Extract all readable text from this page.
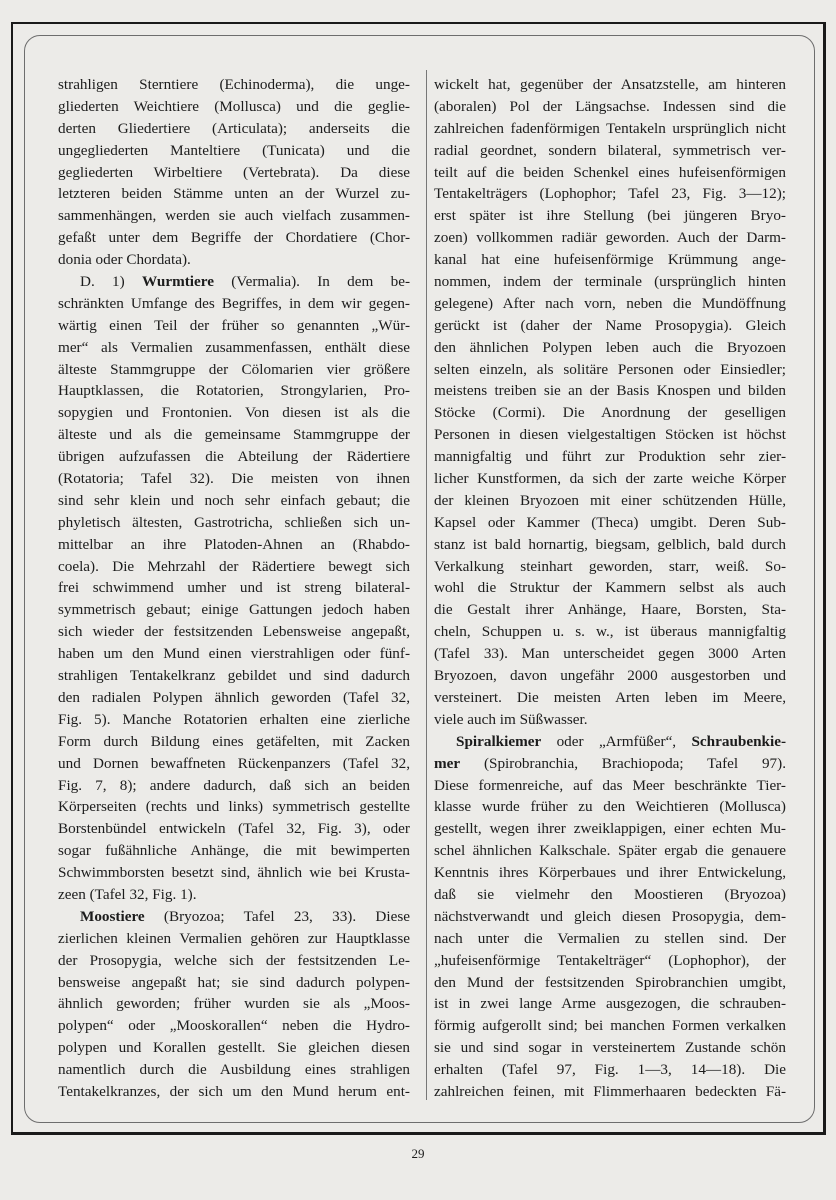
strahligen Sterntiere (Echinoderma), die unge-
gliederten Weichtiere (Mollusca) und die geglie-
derten Gliedertiere (Articulata); anderseits die
ungegliederten Manteltiere (Tunicata) und die
gegliederten Wirbeltiere (Vertebrata). Da diese
letzteren beiden Stämme unten an der Wurzel zu-
sammenhängen, werden sie auch vielfach zusammen-
gefaßt unter dem Begriffe der Chordatiere (Chor-
donia oder Chordata).
D. 1) Wurmtiere (Vermalia). In dem be-
schränkten Umfange des Begriffes, in dem wir gegen-
wärtig einen Teil der früher so genannten „Wür-
mer“ als Vermalien zusammenfassen, enthält diese
älteste Stammgruppe der Cölomarien vier größere
Hauptklassen, die Rotatorien, Strongylarien, Pro-
sopygien und Frontonien. Von diesen ist als die
älteste und als die gemeinsame Stammgruppe der
übrigen aufzufassen die Abteilung der Rädertiere
(Rotatoria; Tafel 32). Die meisten von ihnen
sind sehr klein und noch sehr einfach gebaut; die
phyletisch ältesten, Gastrotricha, schließen sich un-
mittelbar an ihre Platoden-Ahnen an (Rhabdo-
coela). Die Mehrzahl der Rädertiere bewegt sich
frei schwimmend umher und ist streng bilateral-
symmetrisch gebaut; einige Gattungen jedoch haben
sich wieder der festsitzenden Lebensweise angepaßt,
haben um den Mund einen vierstrahligen oder fünf-
strahligen Tentakelkranz gebildet und sind dadurch
den radialen Polypen ähnlich geworden (Tafel 32,
Fig. 5). Manche Rotatorien erhalten eine zierliche
Form durch Bildung eines getäfelten, mit Zacken
und Dornen bewaffneten Rückenpanzers (Tafel 32,
Fig. 7, 8); andere dadurch, daß sich an beiden
Körperseiten (rechts und links) symmetrisch gestellte
Borstenbündel entwickeln (Tafel 32, Fig. 3), oder
sogar fußähnliche Anhänge, die mit bewimperten
Schwimmborsten besetzt sind, ähnlich wie bei Krusta-
zeen (Tafel 32, Fig. 1).
Moostiere (Bryozoa; Tafel 23, 33). Diese
zierlichen kleinen Vermalien gehören zur Hauptklasse
der Prosopygia, welche sich der festsitzenden Le-
bensweise angepaßt hat; sie sind dadurch polypen-
ähnlich geworden; früher wurden sie als „Moos-
polypen“ oder „Mooskorallen“ neben die Hydro-
polypen und Korallen gestellt. Sie gleichen diesen
namentlich durch die Ausbildung eines strahligen
Tentakelkranzes, der sich um den Mund herum ent-
wickelt hat, gegenüber der Ansatzstelle, am hinteren
(aboralen) Pol der Längsachse. Indessen sind die
zahlreichen fadenförmigen Tentakeln ursprünglich nicht
radial geordnet, sondern bilateral, symmetrisch ver-
teilt auf die beiden Schenkel eines hufeisenförmigen
Tentakelträgers (Lophophor; Tafel 23, Fig. 3—12);
erst später ist ihre Stellung (bei jüngeren Bryo-
zoen) vollkommen radiär geworden. Auch der Darm-
kanal hat eine hufeisenförmige Krümmung ange-
nommen, indem der terminale (ursprünglich hinten
gelegene) After nach vorn, neben die Mundöffnung
gerückt ist (daher der Name Prosopygia). Gleich
den ähnlichen Polypen leben auch die Bryozoen
selten einzeln, als solitäre Personen oder Einsiedler;
meistens treiben sie an der Basis Knospen und bilden
Stöcke (Cormi). Die Anordnung der geselligen
Personen in diesen vielgestaltigen Stöcken ist höchst
mannigfaltig und führt zur Produktion sehr zier-
licher Kunstformen, da sich der zarte weiche Körper
der kleinen Bryozoen mit einer schützenden Hülle,
Kapsel oder Kammer (Theca) umgibt. Deren Sub-
stanz ist bald hornartig, biegsam, gelblich, bald durch
Verkalkung steinhart geworden, starr, weiß. So-
wohl die Struktur der Kammern selbst als auch
die Gestalt ihrer Anhänge, Haare, Borsten, Sta-
cheln, Schuppen u. s. w., ist überaus mannigfaltig
(Tafel 33). Man unterscheidet gegen 3000 Arten
Bryozoen, davon ungefähr 2000 ausgestorben und
versteinert. Die meisten Arten leben im Meere,
viele auch im Süßwasser.
Spiralkiemer oder „Armfüßer“, Schraubenkie-
mer (Spirobranchia, Brachiopoda; Tafel 97).
Diese formenreiche, auf das Meer beschränkte Tier-
klasse wurde früher zu den Weichtieren (Mollusca)
gestellt, wegen ihrer zweiklappigen, einer echten Mu-
schel ähnlichen Kalkschale. Später ergab die genauere
Kenntnis ihres Körperbaues und ihrer Entwickelung,
daß sie vielmehr den Moostieren (Bryozoa)
nächstverwandt und gleich diesen Prosopygia, dem-
nach unter die Vermalien zu stellen sind. Der
„hufeisenförmige Tentakelträger“ (Lophophor), der
den Mund der festsitzenden Spirobranchien umgibt,
ist in zwei lange Arme ausgezogen, die schrauben-
förmig aufgerollt sind; bei manchen Formen verkalken
sie und sind sogar in versteinertem Zustande schön
erhalten (Tafel 97, Fig. 1—3, 14—18). Die
zahlreichen feinen, mit Flimmerhaaren bedeckten Fä-
29
